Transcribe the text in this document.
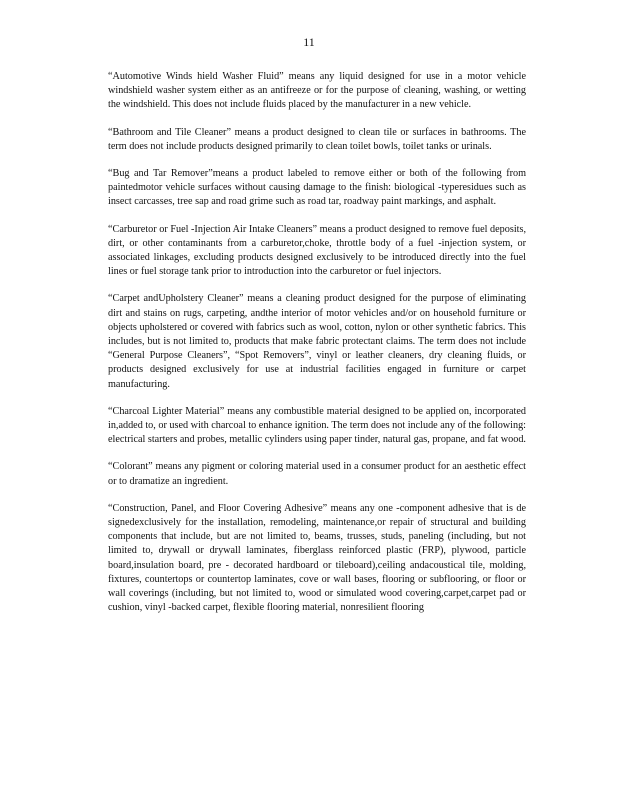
11

“Automotive Winds hield Washer Fluid” means any liquid designed for use in a motor vehicle windshield washer system either as an antifreeze or for the purpose of cleaning, washing, or wetting the windshield. This does not include fluids placed by the manufacturer in a new vehicle.

“Bathroom and Tile Cleaner” means a product designed to clean tile or surfaces in bathrooms. The term does not include products designed primarily to clean toilet bowls, toilet tanks or urinals.

“Bug and Tar Remover”means a product labeled to remove either or both of the following from paintedmotor vehicle surfaces without causing damage to the finish: biological -typeresidues such as insect carcasses, tree sap and road grime such as road tar, roadway paint markings, and asphalt.

“Carburetor or Fuel -Injection Air Intake Cleaners” means a product designed to remove fuel deposits, dirt, or other contaminants from a carburetor,choke, throttle body of a fuel -injection system, or associated linkages, excluding products designed exclusively to be introduced directly into the fuel lines or fuel storage tank prior to introduction into the carburetor or fuel injectors.

“Carpet andUpholstery Cleaner” means a cleaning product designed for the purpose of eliminating dirt and stains on rugs, carpeting, andthe interior of motor vehicles and/or on household furniture or objects upholstered or covered with fabrics such as wool, cotton, nylon or other synthetic fabrics. This includes, but is not limited to, products that make fabric protectant claims. The term does not include “General Purpose Cleaners”, “Spot Removers”, vinyl or leather cleaners, dry cleaning fluids, or products designed exclusively for use at industrial facilities engaged in furniture or carpet manufacturing.

“Charcoal Lighter Material” means any combustible material designed to be applied on, incorporated in,added to, or used with charcoal to enhance ignition. The term does not include any of the following: electrical starters and probes, metallic cylinders using paper tinder, natural gas, propane, and fat wood.

“Colorant” means any pigment or coloring material used in a consumer product for an aesthetic effect or to dramatize an ingredient.

“Construction, Panel, and Floor Covering Adhesive” means any one -component adhesive that is de signedexclusively for the installation, remodeling, maintenance,or repair of structural and building components that include, but are not limited to, beams, trusses, studs, paneling (including, but not limited to, drywall or drywall laminates, fiberglass reinforced plastic (FRP), plywood, particle board,insulation board, pre - decorated hardboard or tileboard),ceiling andacoustical tile, molding, fixtures, countertops or countertop laminates, cove or wall bases, flooring or subflooring, or floor or wall coverings (including, but not limited to, wood or simulated wood covering,carpet,carpet pad or cushion, vinyl -backed carpet, flexible flooring material, nonresilient flooring
